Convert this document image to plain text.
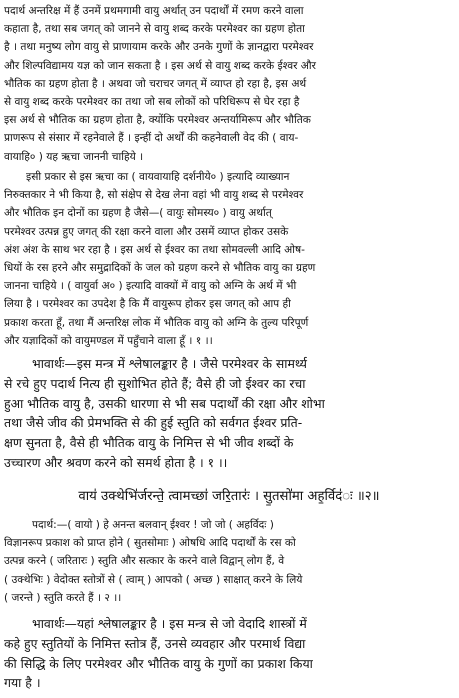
पदार्थ अन्तरिक्ष में हैं उनमें प्रथमगामी वायु अर्थात् उन पदार्थों में रमण करने वाला
कहाता है, तथा सब जगत् को जानने से वायु शब्द करके परमेश्वर का ग्रहण होता
है । तथा मनुष्य लोग वायु से प्राणायाम करके और उनके गुणों के ज्ञानद्वारा परमेश्वर
और शिल्पविद्यामय यज्ञ को जान सकता है । इस अर्थ से वायु शब्द करके ईश्वर और
भौतिक का ग्रहण होता है । अथवा जो चराचर जगत् में व्याप्त हो रहा है, इस अर्थ
से वायु शब्द करके परमेश्वर का तथा जो सब लोकों को परिधिरूप से घेर रहा है
इस अर्थ से भौतिक का ग्रहण होता है, क्योंकि परमेश्वर अन्तर्यामिरूप और भौतिक
प्राणरूप से संसार में रहनेवाले हैं । इन्हीं दो अर्थों की कहनेवाली वेद की ( वाय-
वायाहि० ) यह ऋचा जाननी चाहिये ।
इसी प्रकार से इस ऋचा का ( वायवायाहि दर्शनीये० ) इत्यादि व्याख्यान
निरुक्तकार ने भी किया है, सो संक्षेप से देख लेना वहां भी वायु शब्द से परमेश्वर
और भौतिक इन दोनों का ग्रहण है जैसे—( वायुः सोमस्य० ) वायु अर्थात्
परमेश्वर उत्पन्न हुए जगत् की रक्षा करने वाला और उसमें व्याप्त होकर उसके
अंश अंश के साथ भर रहा है । इस अर्थ से ईश्वर का तथा सोमवल्ली आदि ओष-
धियों के रस हरने और समुद्रादिकों के जल को ग्रहण करने से भौतिक वायु का ग्रहण
जानना चाहिये । ( वायुर्वा अ० ) इत्यादि वाक्यों में वायु को अग्नि के अर्थ में भी
लिया है । परमेश्वर का उपदेश है कि मैं वायुरूप होकर इस जगत् को आप ही
प्रकाश करता हूँ, तथा मैं अन्तरिक्ष लोक में भौतिक वायु को अग्नि के तुल्य परिपूर्ण
और यज्ञादिकों को वायुमण्डल में पहुँचाने वाला हूँ । १ ।।
भावार्थः—इस मन्त्र में श्लेषालङ्कार है । जैसे परमेश्वर के सामर्थ्य
से रचे हुए पदार्थ नित्य ही सुशोभित होते हैं; वैसे ही जो ईश्वर का रचा
हुआ भौतिक वायु है, उसकी धारणा से भी सब पदार्थों की रक्षा और शोभा
तथा जैसे जीव की प्रेमभक्ति से की हुई स्तुति को सर्वगत ईश्वर प्रति-
क्षण सुनता है, वैसे ही भौतिक वायु के निमित्त से भी जीव शब्दों के
उच्चारण और श्रवण करने को समर्थ होता है । १ ।।
वाय॑ उक्थेभि॑र्जरन्ते॒ त्वामच्छा॑ जरि॒तारः॑ । सु॒तसो॑मा अह॒र्विद॑ः ॥२॥
पदार्थ:—( वायो ) हे अनन्त बलवान् ईश्वर ! जो जो ( अहर्विदः )
विज्ञानरूप प्रकाश को प्राप्त होने ( सुतसोमाः ) ओषधि आदि पदार्थों के रस को
उत्पन्न करने ( जरितारः ) स्तुति और सत्कार के करने वाले विद्वान् लोग हैं, वे
( उक्थेभिः ) वेदोक्त स्तोत्रों से ( त्वाम् ) आपको ( अच्छ ) साक्षात् करने के लिये
( जरन्ते ) स्तुति करते हैं । २ ।।
भावार्थः—यहां श्लेषालङ्कार है । इस मन्त्र से जो वेदादि शास्त्रों में
कहे हुए स्तुतियों के निमित्त स्तोत्र हैं, उनसे व्यवहार और परमार्थ विद्या
की सिद्धि के लिए परमेश्वर और भौतिक वायु के गुणों का प्रकाश किया
गया है ।
